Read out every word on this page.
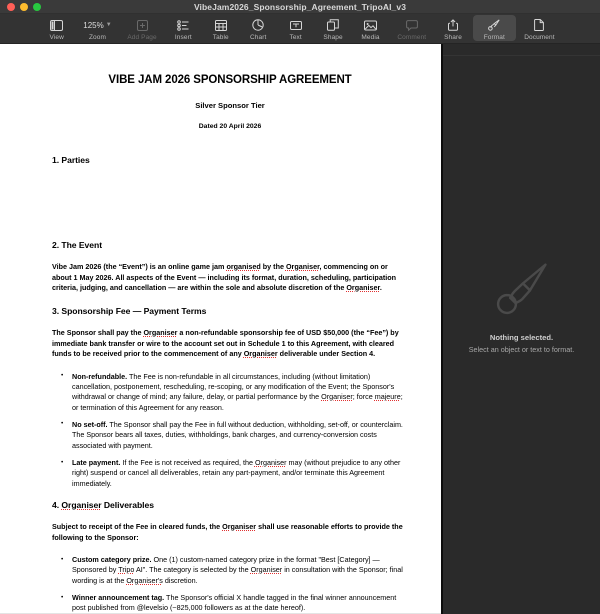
VibeJam2026_Sponsorship_Agreement_TripoAI_v3
View
125% ▼
Zoom	Add Page	Insert	Table	Chart	Text	Shape	Media	Comment	Share	Format	Document
VIBE JAM 2026 SPONSORSHIP AGREEMENT
Silver Sponsor Tier
Dated 20 April 2026
1. Parties
2. The Event

Vibe Jam 2026 (the “Event”) is an online game jam organised by the Organiser, commencing on or about 1 May 2026. All aspects of the Event — including its format, duration, scheduling, participation criteria, judging, and cancellation — are within the sole and absolute discretion of the Organiser.

3. Sponsorship Fee — Payment Terms

The Sponsor shall pay the Organiser a non-refundable sponsorship fee of USD $50,000 (the “Fee”) by immediate bank transfer or wire to the account set out in Schedule 1 to this Agreement, with cleared funds to be received prior to the commencement of any Organiser deliverable under Section 4.

• Non-refundable. The Fee is non-refundable in all circumstances, including (without limitation) cancellation, postponement, rescheduling, re-scoping, or any modification of the Event; the Sponsor's withdrawal or change of mind; any failure, delay, or partial performance by the Organiser; force majeure; or termination of this Agreement for any reason.
• No set-off. The Sponsor shall pay the Fee in full without deduction, withholding, set-off, or counterclaim. The Sponsor bears all taxes, duties, withholdings, bank charges, and currency-conversion costs associated with payment.
• Late payment. If the Fee is not received as required, the Organiser may (without prejudice to any other right) suspend or cancel all deliverables, retain any part-payment, and/or terminate this Agreement immediately.
4. Organiser Deliverables

Subject to receipt of the Fee in cleared funds, the Organiser shall use reasonable efforts to provide the following to the Sponsor:

• Custom category prize. One (1) custom-named category prize in the format "Best [Category] — Sponsored by Tripo AI". The category is selected by the Organiser in consultation with the Sponsor; final wording is at the Organiser's discretion.
• Winner announcement tag. The Sponsor's official X handle tagged in the final winner announcement post published from @levelsio (~825,000 followers as at the date hereof).
Nothing selected.
Select an object or text to format.
